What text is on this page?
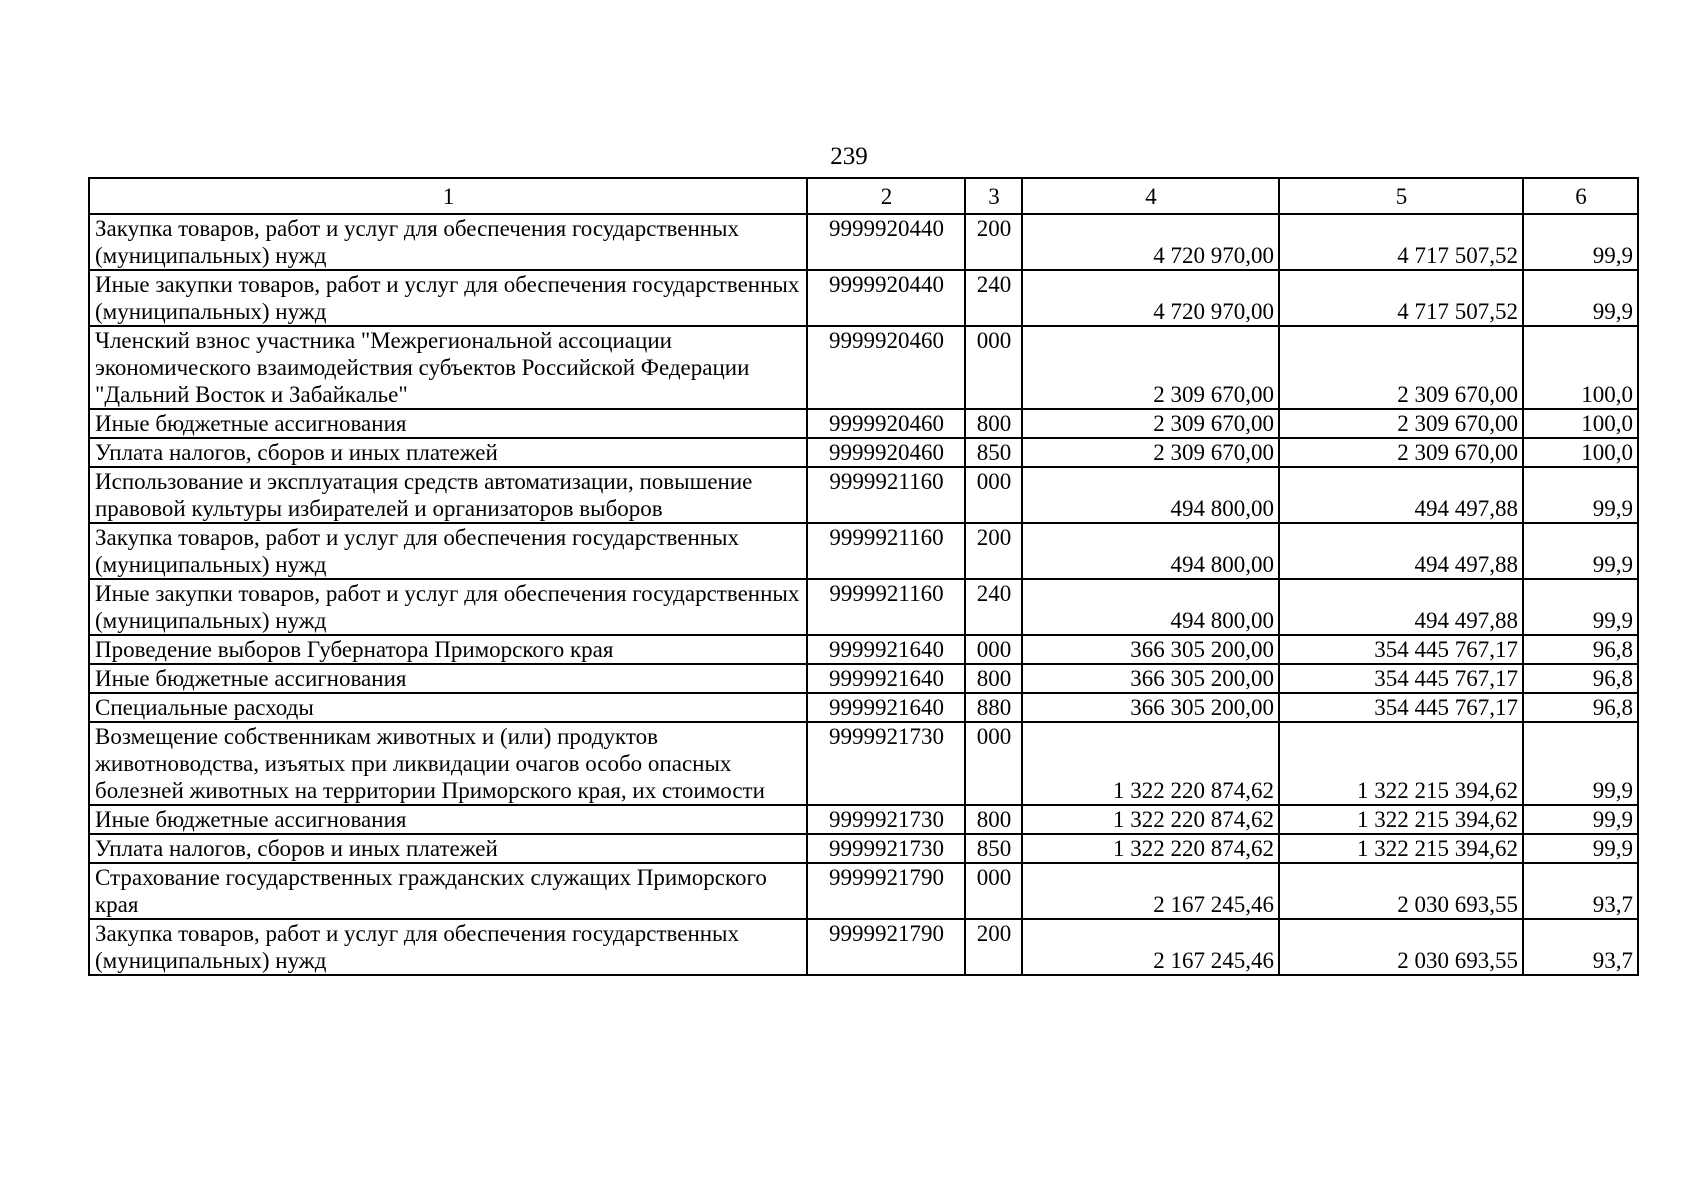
239
1	2	3	4	5	6
Закупка товаров, работ и услуг для обеспечения государственных (муниципальных) нужд	9999920440	200	4 720 970,00	4 717 507,52	99,9
Иные закупки товаров, работ и услуг для обеспечения государственных (муниципальных) нужд	9999920440	240	4 720 970,00	4 717 507,52	99,9
Членский взнос участника "Межрегиональной ассоциации экономического взаимодействия субъектов Российской Федерации "Дальний Восток и Забайкалье"	9999920460	000	2 309 670,00	2 309 670,00	100,0
Иные бюджетные ассигнования	9999920460	800	2 309 670,00	2 309 670,00	100,0
Уплата налогов, сборов и иных платежей	9999920460	850	2 309 670,00	2 309 670,00	100,0
Использование и эксплуатация средств автоматизации, повышение правовой культуры избирателей и организаторов выборов	9999921160	000	494 800,00	494 497,88	99,9
Закупка товаров, работ и услуг для обеспечения государственных (муниципальных) нужд	9999921160	200	494 800,00	494 497,88	99,9
Иные закупки товаров, работ и услуг для обеспечения государственных (муниципальных) нужд	9999921160	240	494 800,00	494 497,88	99,9
Проведение выборов Губернатора Приморского края	9999921640	000	366 305 200,00	354 445 767,17	96,8
Иные бюджетные ассигнования	9999921640	800	366 305 200,00	354 445 767,17	96,8
Специальные расходы	9999921640	880	366 305 200,00	354 445 767,17	96,8
Возмещение собственникам животных и (или) продуктов животноводства, изъятых при ликвидации очагов особо опасных болезней животных на территории Приморского края, их стоимости	9999921730	000	1 322 220 874,62	1 322 215 394,62	99,9
Иные бюджетные ассигнования	9999921730	800	1 322 220 874,62	1 322 215 394,62	99,9
Уплата налогов, сборов и иных платежей	9999921730	850	1 322 220 874,62	1 322 215 394,62	99,9
Страхование государственных гражданских служащих Приморского края	9999921790	000	2 167 245,46	2 030 693,55	93,7
Закупка товаров, работ и услуг для обеспечения государственных (муниципальных) нужд	9999921790	200	2 167 245,46	2 030 693,55	93,7
